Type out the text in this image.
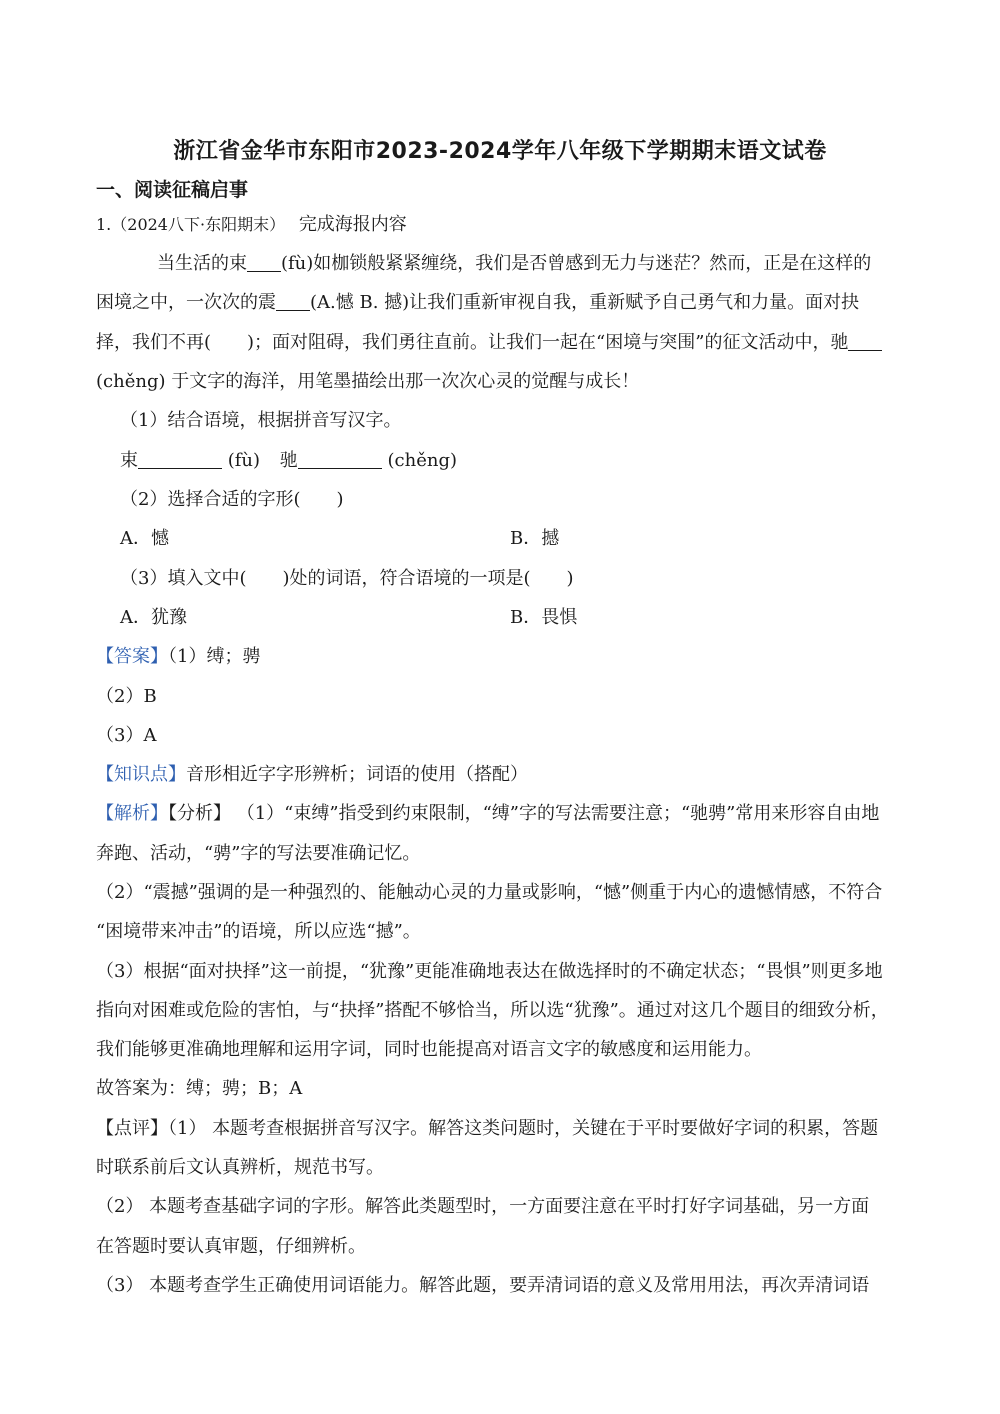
浙江省金华市东阳市2023-2024学年八年级下学期期末语文试卷
一、阅读征稿启事
1.（2024八下·东阳期末） 完成海报内容
当生活的束 (fù)如枷锁般紧紧缠绕，我们是否曾感到无力与迷茫？然而，正是在这样的
困境之中，一次次的震 (A.憾 B. 撼)让我们重新审视自我，重新赋予自己勇气和力量。面对抉
择，我们不再( )；面对阻碍，我们勇往直前。让我们一起在“困境与突围”的征文活动中，驰
(chěng) 于文字的海洋，用笔墨描绘出那一次次心灵的觉醒与成长！
（1）结合语境，根据拼音写汉字。
束	(fù) 驰	(chěng)
（2）选择合适的字形( )
A．憾	B．撼
（3）填入文中( )处的词语，符合语境的一项是( )
A．犹豫	B．畏惧
【答案】（1）缚；骋
（2）B
（3）A
【知识点】音形相近字字形辨析；词语的使用（搭配）
【解析】【分析】 （1）“束缚”指受到约束限制，“缚”字的写法需要注意；“驰骋”常用来形容自由地
奔跑、活动，“骋”字的写法要准确记忆。
（2）“震撼”强调的是一种强烈的、能触动心灵的力量或影响，“憾”侧重于内心的遗憾情感，不符合
“困境带来冲击”的语境，所以应选“撼”。
（3）根据“面对抉择”这一前提，“犹豫”更能准确地表达在做选择时的不确定状态；“畏惧”则更多地
指向对困难或危险的害怕，与“抉择”搭配不够恰当，所以选“犹豫”。通过对这几个题目的细致分析，
我们能够更准确地理解和运用字词，同时也能提高对语言文字的敏感度和运用能力。
故答案为：缚；骋；B；A
【点评】（1） 本题考查根据拼音写汉字。解答这类问题时，关键在于平时要做好字词的积累，答题
时联系前后文认真辨析，规范书写。
（2） 本题考查基础字词的字形。解答此类题型时，一方面要注意在平时打好字词基础，另一方面
在答题时要认真审题，仔细辨析。
（3） 本题考查学生正确使用词语能力。解答此题，要弄清词语的意义及常用用法，再次弄清词语
